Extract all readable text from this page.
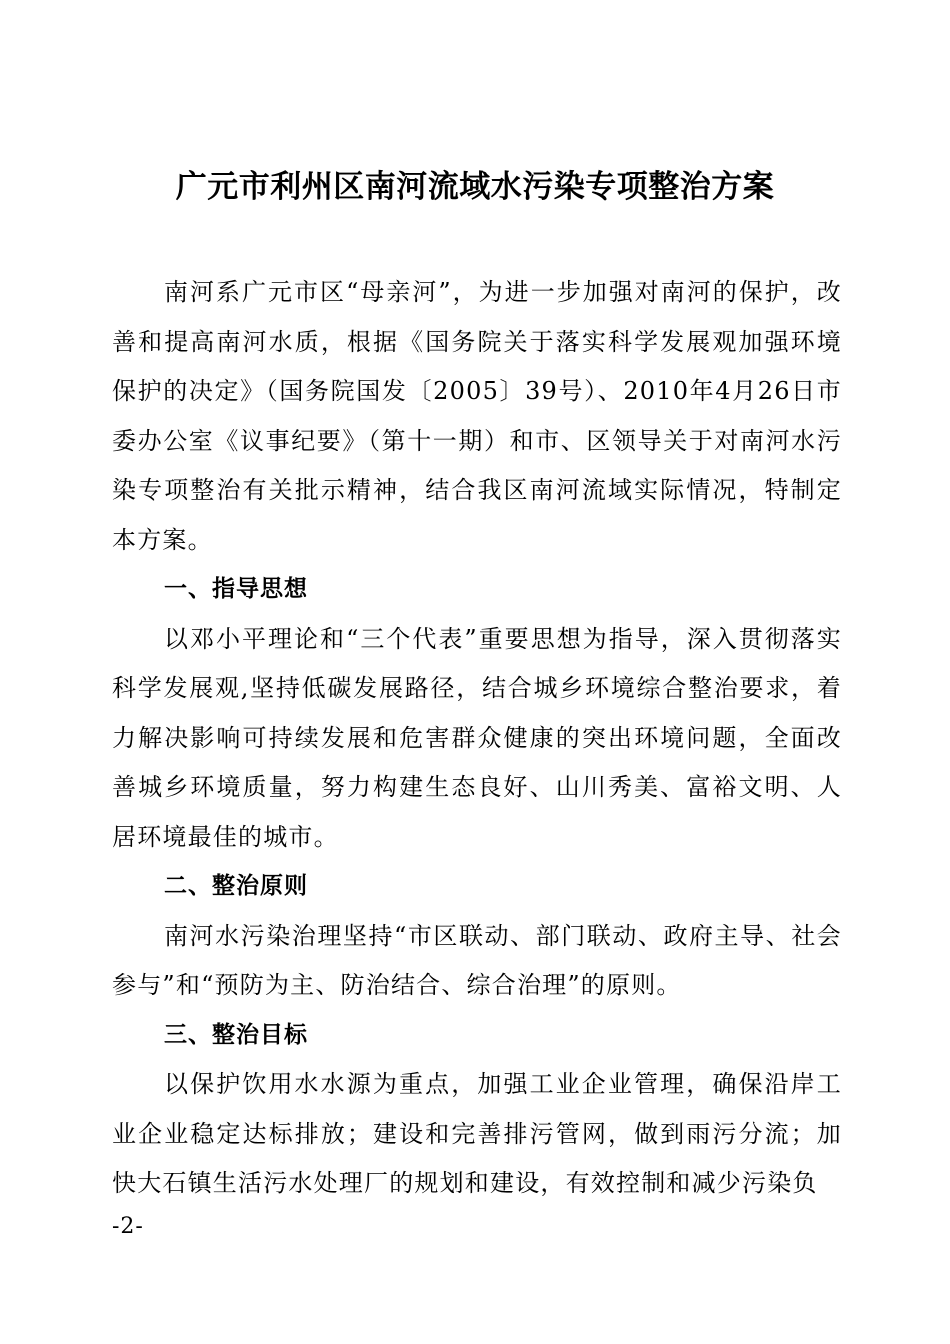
广元市利州区南河流域水污染专项整治方案

南河系广元市区“母亲河”，为进一步加强对南河的保护，改善和提高南河水质，根据《国务院关于落实科学发展观加强环境保护的决定》（国务院国发〔2005〕39号）、2010年4月26日市委办公室《议事纪要》（第十一期）和市、区领导关于对南河水污染专项整治有关批示精神，结合我区南河流域实际情况，特制定本方案。

一、指导思想

以邓小平理论和“三个代表”重要思想为指导，深入贯彻落实科学发展观,坚持低碳发展路径，结合城乡环境综合整治要求，着力解决影响可持续发展和危害群众健康的突出环境问题，全面改善城乡环境质量，努力构建生态良好、山川秀美、富裕文明、人居环境最佳的城市。

二、整治原则

南河水污染治理坚持“市区联动、部门联动、政府主导、社会参与”和“预防为主、防治结合、综合治理”的原则。

三、整治目标

以保护饮用水水源为重点，加强工业企业管理，确保沿岸工业企业稳定达标排放；建设和完善排污管网，做到雨污分流；加快大石镇生活污水处理厂的规划和建设，有效控制和减少污染负

-2-
